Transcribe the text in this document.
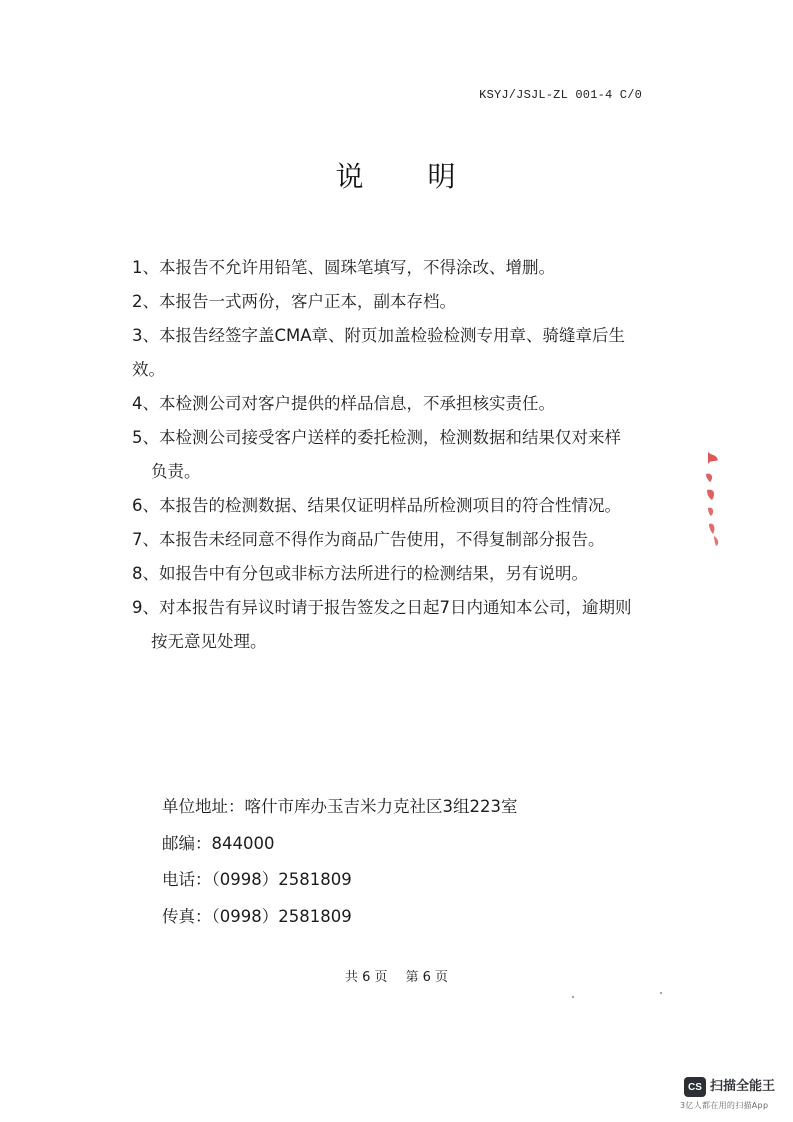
KSYJ/JSJL-ZL 001-4 C/0
说 明
1、本报告不允许用铅笔、圆珠笔填写，不得涂改、增删。
2、本报告一式两份，客户正本，副本存档。
3、本报告经签字盖CMA章、附页加盖检验检测专用章、骑缝章后生效。
4、本检测公司对客户提供的样品信息，不承担核实责任。
5、本检测公司接受客户送样的委托检测，检测数据和结果仅对来样
负责。
6、本报告的检测数据、结果仅证明样品所检测项目的符合性情况。
7、本报告未经同意不得作为商品广告使用，不得复制部分报告。
8、如报告中有分包或非标方法所进行的检测结果，另有说明。
9、对本报告有异议时请于报告签发之日起7日内通知本公司，逾期则
按无意见处理。
单位地址：喀什市库办玉吉米力克社区3组223室
邮编：844000
电话：（0998）2581809
传真：（0998）2581809
共 6 页 第 6 页
CS 扫描全能王
3亿人都在用的扫描App
